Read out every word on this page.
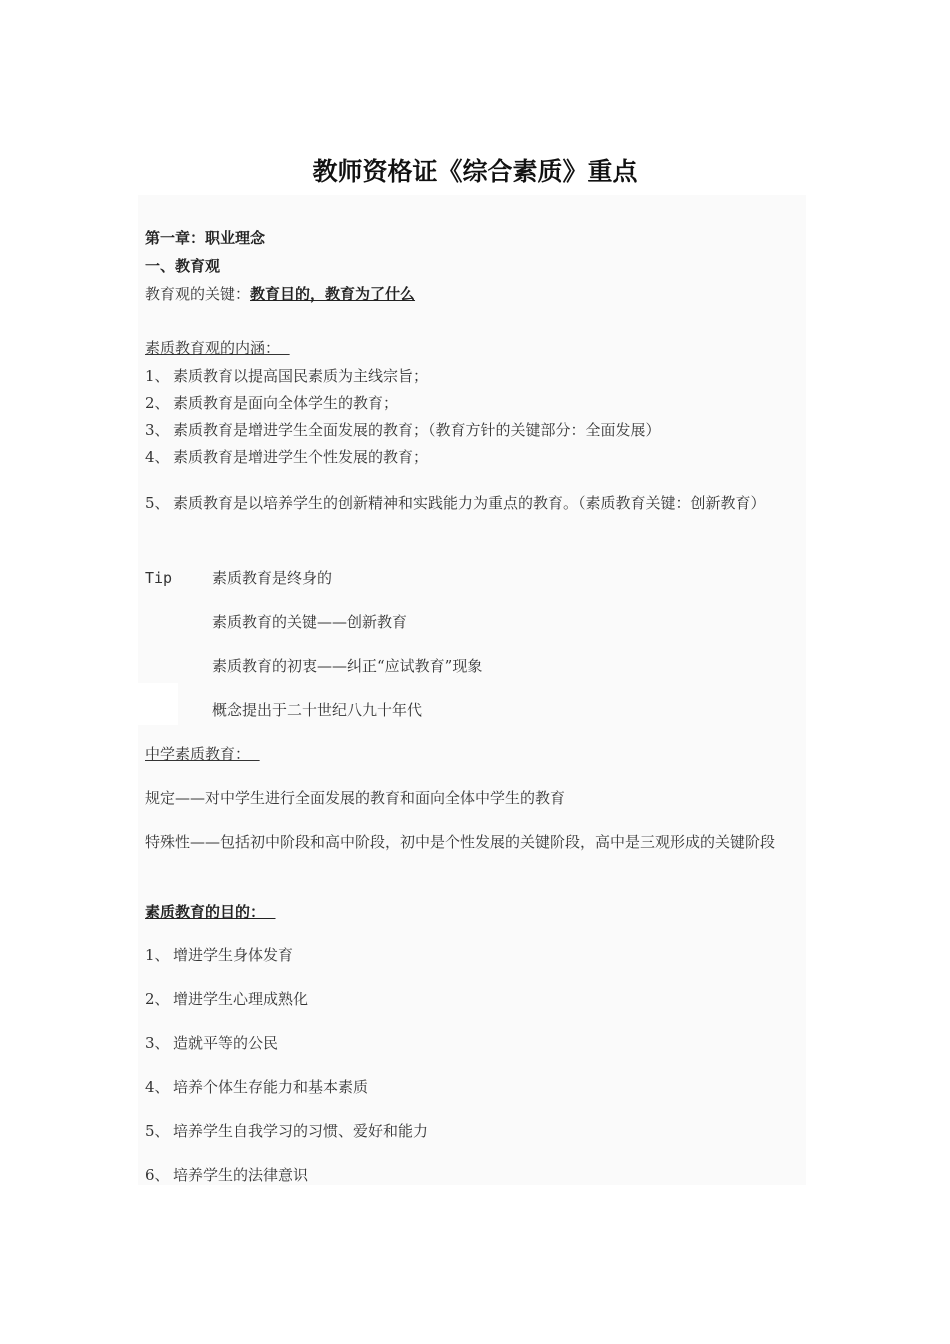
教师资格证《综合素质》重点
第一章：职业理念
一、教育观
教育观的关键：教育目的，教育为了什么
素质教育观的内涵：
1、 素质教育以提高国民素质为主线宗旨；
2、 素质教育是面向全体学生的教育；
3、 素质教育是增进学生全面发展的教育；（教育方针的关键部分：全面发展）
4、 素质教育是增进学生个性发展的教育；
5、 素质教育是以培养学生的创新精神和实践能力为重点的教育。（素质教育关键：创新教育）
Tip	素质教育是终身的
素质教育的关键——创新教育
素质教育的初衷——纠正“应试教育”现象
概念提出于二十世纪八九十年代
中学素质教育：
规定——对中学生进行全面发展的教育和面向全体中学生的教育
特殊性——包括初中阶段和高中阶段，初中是个性发展的关键阶段，高中是三观形成的关键阶段
素质教育的目的：
1、 增进学生身体发育
2、 增进学生心理成熟化
3、 造就平等的公民
4、 培养个体生存能力和基本素质
5、 培养学生自我学习的习惯、爱好和能力
6、 培养学生的法律意识
